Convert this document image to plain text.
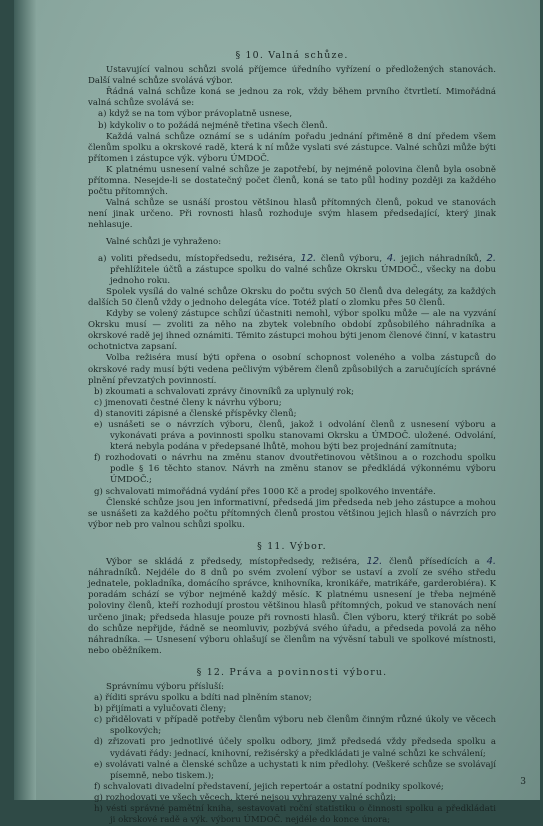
§ 10. Valná schůze.

Ustavující valnou schůzi svolá příjemce úředního vyřízení o předložených stanovách. Další valné schůze svolává výbor.

Řádná valná schůze koná se jednou za rok, vždy během prvního čtvrtletí. Mimořádná valná schůze svolává se:

a) když se na tom výbor právoplatně usnese,

b) kdykoliv o to požádá nejméně třetina všech členů.

Každá valná schůze oznámí se s udáním pořadu jednání přiměně 8 dní předem všem členům spolku a okrskové radě, která k ní může vyslati své zástupce. Valné schůzi může býti přítomen i zástupce výk. výboru ÚMDOČ.

K platnému usnesení valné schůze je zapotřebí, by nejméně polovina členů byla osobně přítomna. Nesejde-li se dostatečný počet členů, koná se tato půl hodiny později za každého počtu přítomných.

Valná schůze se usnáší prostou většinou hlasů přítomných členů, pokud ve stanovách není jinak určeno. Při rovnosti hlasů rozhoduje svým hlasem předsedající, který jinak nehlasuje.

Valné schůzi je vyhraženo:

a) voliti předsedu, místopředsedu, režiséra, 12. členů výboru, 4. jejich náhradníků, 2. přehlížitele účtů a zástupce spolku do valné schůze Okrsku ÚMDOČ., všecky na dobu jednoho roku.

Spolek vysílá do valné schůze Okrsku do počtu svých 50 členů dva delegáty, za každých dalších 50 členů vždy o jednoho delegáta více. Totéž platí o zlomku přes 50 členů.

Kdyby se volený zástupce schůzí účastniti nemohl, výbor spolku může — ale na vyzvání Okrsku musí — zvoliti za něho na zbytek volebního období způsobilého náhradníka a okrskové radě jej ihned oznámiti. Těmito zástupci mohou býti jenom členové činní, v katastru ochotnictva zapsaní.

Volba režiséra musí býti opřena o osobní schopnost voleného a volba zástupců do okrskové rady musí býti vedena pečlivým výběrem členů způsobilých a zaručujících správné plnění převzatých povinností.

b) zkoumati a schvalovati zprávy činovníků za uplynulý rok;

c) jmenovati čestné členy k návrhu výboru;

d) stanoviti zápisné a členské příspěvky členů;

e) usnášeti se o návrzích výboru, členů, jakož i odvolání členů z usnesení výboru a vykonávati práva a povinnosti spolku stanovami Okrsku a ÚMDOČ. uložené. Odvolání, která nebyla podána v předepsané lhůtě, mohou býti bez projednání zamítnuta;

f) rozhodovati o návrhu na změnu stanov dvoutřetinovou většinou a o rozchodu spolku podle § 16 těchto stanov. Návrh na změnu stanov se předkládá výkonnému výboru ÚMDOČ.;

g) schvalovati mimořádná vydání přes 1000 Kč a prodej spolkového inventáře.

Členské schůze jsou jen informativní, předsedá jim předseda neb jeho zástupce a mohou se usnášeti za každého počtu přítomných členů prostou většinou jejich hlasů o návrzích pro výbor neb pro valnou schůzi spolku.

§ 11. Výbor.

Výbor se skládá z předsedy, místopředsedy, režiséra, 12. členů přísedících a 4. náhradníků. Nejdéle do 8 dnů po svém zvolení výbor se ustaví a zvolí ze svého středu jednatele, pokladníka, domácího správce, knihovníka, kronikáře, matrikáře, garderobiéra). K poradám schází se výbor nejméně každý měsíc. K platnému usnesení je třeba nejméně poloviny členů, kteří rozhodují prostou většinou hlasů přítomných, pokud ve stanovách není určeno jinak; předseda hlasuje pouze při rovnosti hlasů. Člen výboru, který třikrát po sobě do schůze nepřijde, řádně se neomluviv, pozbývá svého úřadu, a předseda povolá za něho náhradníka. — Usnesení výboru ohlašují se členům na vývěsní tabuli ve spolkové místnosti, nebo oběžníkem.

§ 12. Práva a povinnosti výboru.

Správnímu výboru přísluší:

a) říditi správu spolku a bdíti nad plněním stanov;

b) přijímati a vylučovati členy;

c) přidělovati v případě potřeby členům výboru neb členům činným různé úkoly ve věcech spolkových;

d) zřizovati pro jednotlivé účely spolku odbory, jimž předsedá vždy předseda spolku a vydávati řády: jednací, knihovní, režisérský a předkládati je valné schůzi ke schválení;

e) svolávati valné a členské schůze a uchystati k nim předlohy. (Veškeré schůze se svolávají písemně, nebo tiskem.);

f) schvalovati divadelní představení, jejich repertoár a ostatní podniky spolkové;

g) rozhodovati ve všech věcech, které nejsou vyhrazeny valné schůzi;

h) vésti správné pamětní kniha, sestavovati roční statistiku o činnosti spolku a předkládati ji okrskové radě a výk. výboru ÚMDOČ. nejdéle do konce února;

3
